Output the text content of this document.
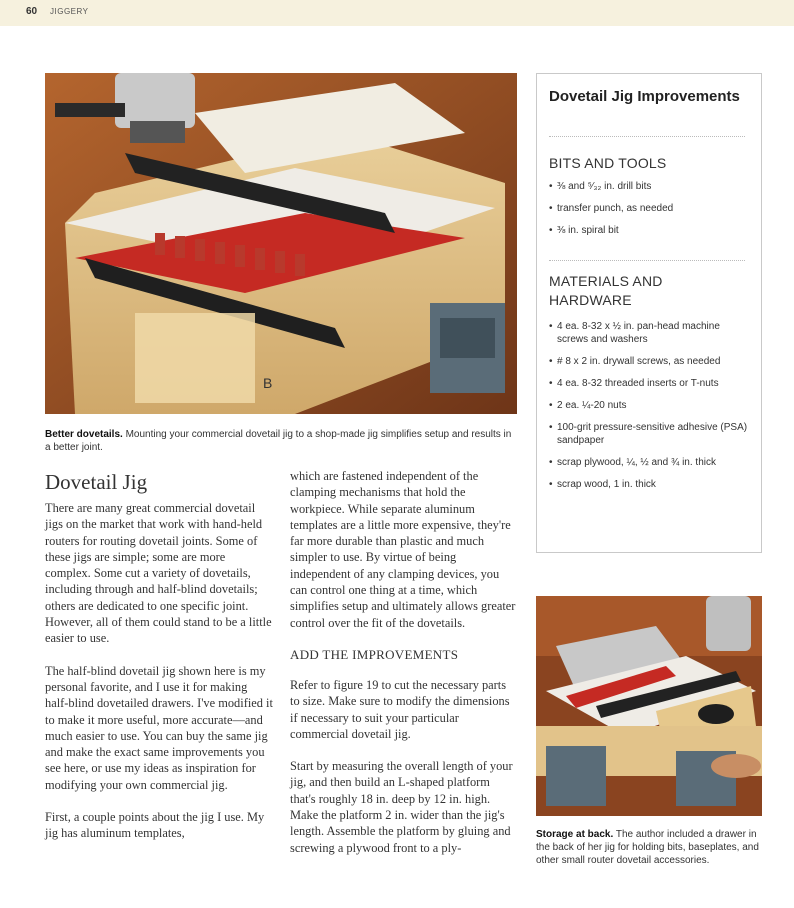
60 JIGGERY
B
Better dovetails. Mounting your commercial dovetail jig to a shop-made jig simplifies setup and results in a better joint.
Dovetail Jig Improvements
BITS AND TOOLS
• ⅜ and ⁵⁄₃₂ in. drill bits
• transfer punch, as needed
• ⅜ in. spiral bit
MATERIALS AND HARDWARE
• 4 ea. 8-32 x ½ in. pan-head machine screws and washers
• # 8 x 2 in. drywall screws, as needed
• 4 ea. 8-32 threaded inserts or T-nuts
• 2 ea. ¼-20 nuts
• 100-grit pressure-sensitive adhesive (PSA) sandpaper
• scrap plywood, ¼, ½ and ¾ in. thick
• scrap wood, 1 in. thick
Dovetail Jig

There are many great commercial dovetail jigs on the market that work with hand-held routers for routing dovetail joints. Some of these jigs are simple; some are more complex. Some cut a variety of dovetails, including through and half-blind dovetails; others are dedicated to one specific joint. However, all of them could stand to be a little easier to use.

The half-blind dovetail jig shown here is my personal favorite, and I use it for making half-blind dovetailed drawers. I've modified it to make it more useful, more accurate—and much easier to use. You can buy the same jig and make the exact same improvements you see here, or use my ideas as inspiration for modifying your own commercial jig.

First, a couple points about the jig I use. My jig has aluminum templates,

which are fastened independent of the clamping mechanisms that hold the workpiece. While separate aluminum templates are a little more expensive, they're far more durable than plastic and much simpler to use. By virtue of being independent of any clamping devices, you can control one thing at a time, which simplifies setup and ultimately allows greater control over the fit of the dovetails.

ADD THE IMPROVEMENTS

Refer to figure 19 to cut the necessary parts to size. Make sure to modify the dimensions if necessary to suit your particular commercial dovetail jig.

Start by measuring the overall length of your jig, and then build an L-shaped platform that's roughly 18 in. deep by 12 in. high. Make the platform 2 in. wider than the jig's length. Assemble the platform by gluing and screwing a plywood front to a ply-

Storage at back. The author included a drawer in the back of her jig for holding bits, baseplates, and other small router dovetail accessories.
